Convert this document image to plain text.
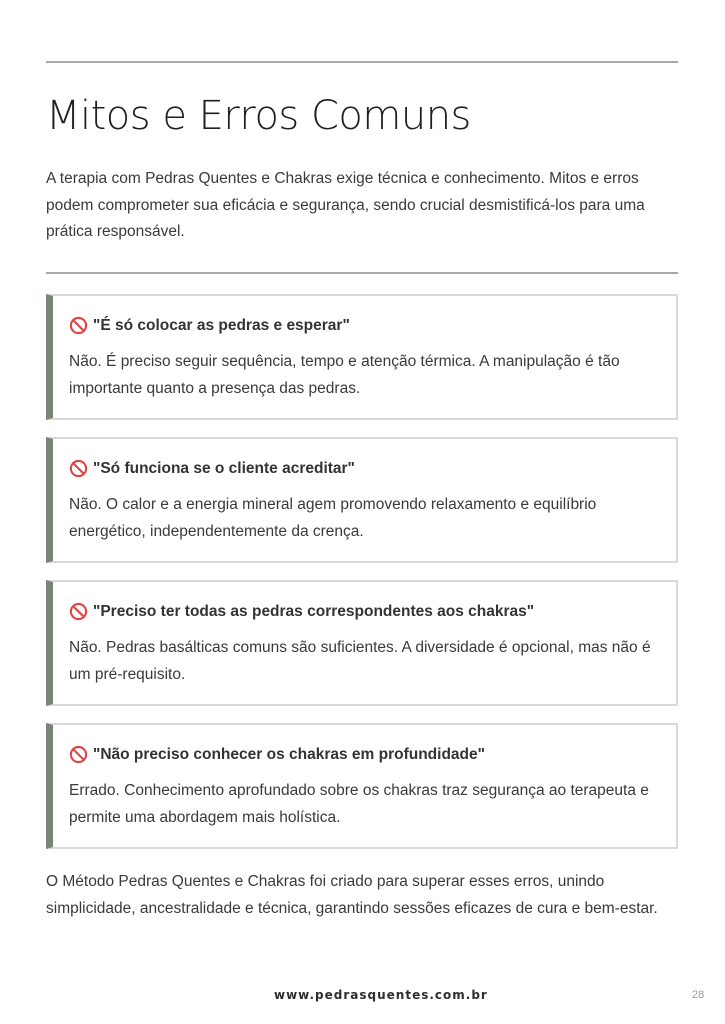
Mitos e Erros Comuns

A terapia com Pedras Quentes e Chakras exige técnica e conhecimento. Mitos e erros podem comprometer sua eficácia e segurança, sendo crucial desmistificá-los para uma prática responsável.

"É só colocar as pedras e esperar"

Não. É preciso seguir sequência, tempo e atenção térmica. A manipulação é tão importante quanto a presença das pedras.

"Só funciona se o cliente acreditar"

Não. O calor e a energia mineral agem promovendo relaxamento e equilíbrio energético, independentemente da crença.

"Preciso ter todas as pedras correspondentes aos chakras"

Não. Pedras basálticas comuns são suficientes. A diversidade é opcional, mas não é um pré-requisito.

"Não preciso conhecer os chakras em profundidade"

Errado. Conhecimento aprofundado sobre os chakras traz segurança ao terapeuta e permite uma abordagem mais holística.

O Método Pedras Quentes e Chakras foi criado para superar esses erros, unindo simplicidade, ancestralidade e técnica, garantindo sessões eficazes de cura e bem-estar.

www.pedrasquentes.com.br	28
